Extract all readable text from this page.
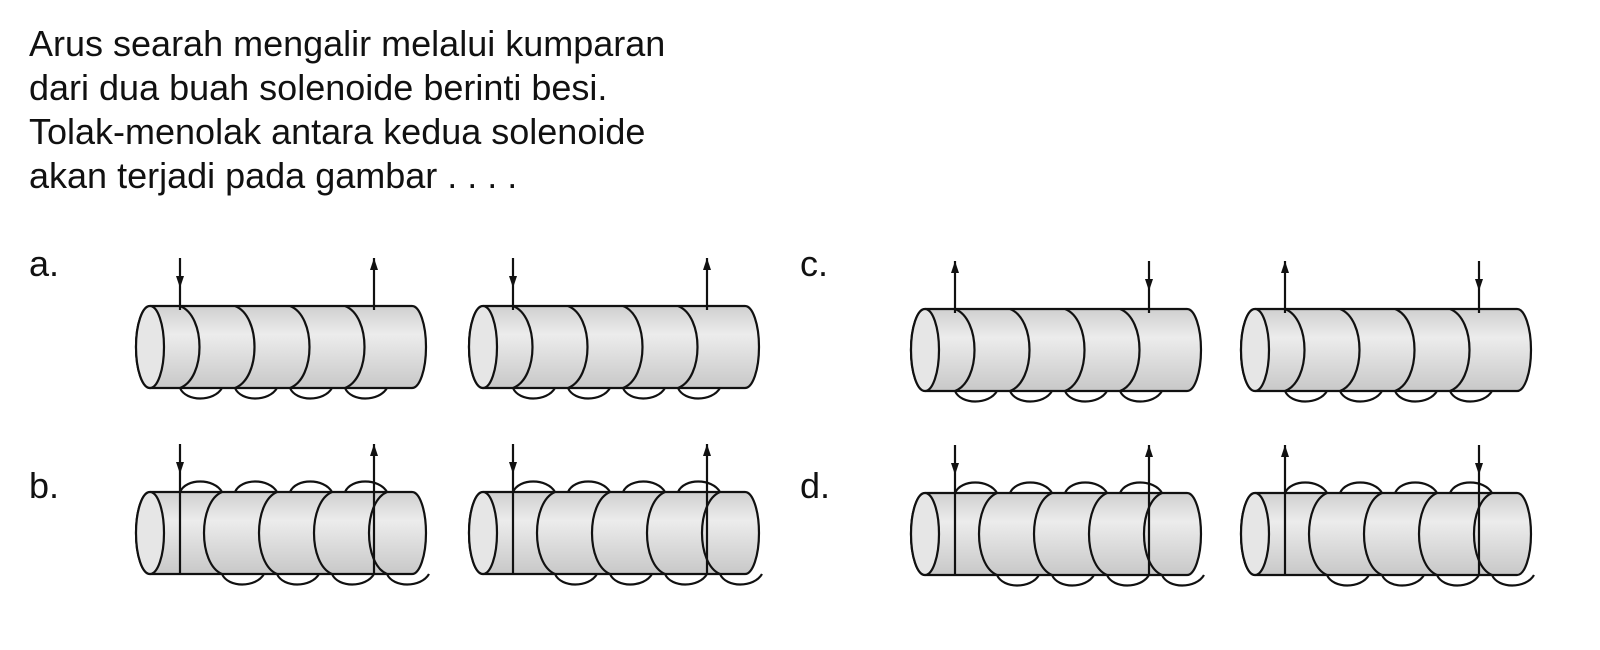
Arus searah mengalir melalui kumparan
dari dua buah solenoide berinti besi.
Tolak-menolak antara kedua solenoide
akan terjadi pada gambar . . . .
a.
b.
c.
d.
